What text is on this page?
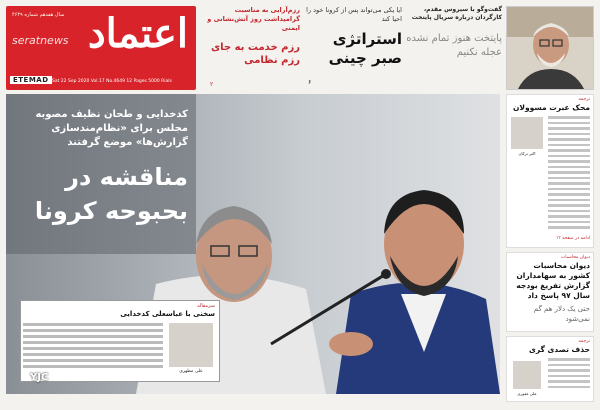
سال هفدهم شماره ۴۶۴۹
seratnews اعتماد
ETEMAD Sat 22 Sep 2020 Vol.17 No.4649 12 Pages 5000 Rials
رزم‌آرایی به مناسبت گرامیداشت روز آتش‌نشانی و ایمنی
رزم خدمت به جای رزم نظامی
۲
ایا یکی می‌تواند پس از کرونا خود را احیا کند
استراتژی صبر چینی
۶
گفت‌وگو با سیروس مقدم، کارگردان درباره سریال پایتخت
پایتخت هنوز تمام نشده عجله نکنیم
کدخدایی و طحان نظیف مصوبه مجلس برای «نظام‌مندسازی گزارش‌ها» موضع گرفتند
مناقشه در بحبوحه کرونا
سرمقاله
سخنی با عباسعلی کدخدایی
علی مطهری
YJC
ترجمه
محک عبرت مسوولان
اکبر ترکان
ادامه در صفحه ۱۳
دیوان محاسبات
دیوان محاسبات کشور به سهامداران گزارش تفریغ بودجه سال ۹۷ پاسخ داد
حتی یک دلار هم گم نمی‌شود
ترجمه
حذف تصدی گری
علی غفوری
